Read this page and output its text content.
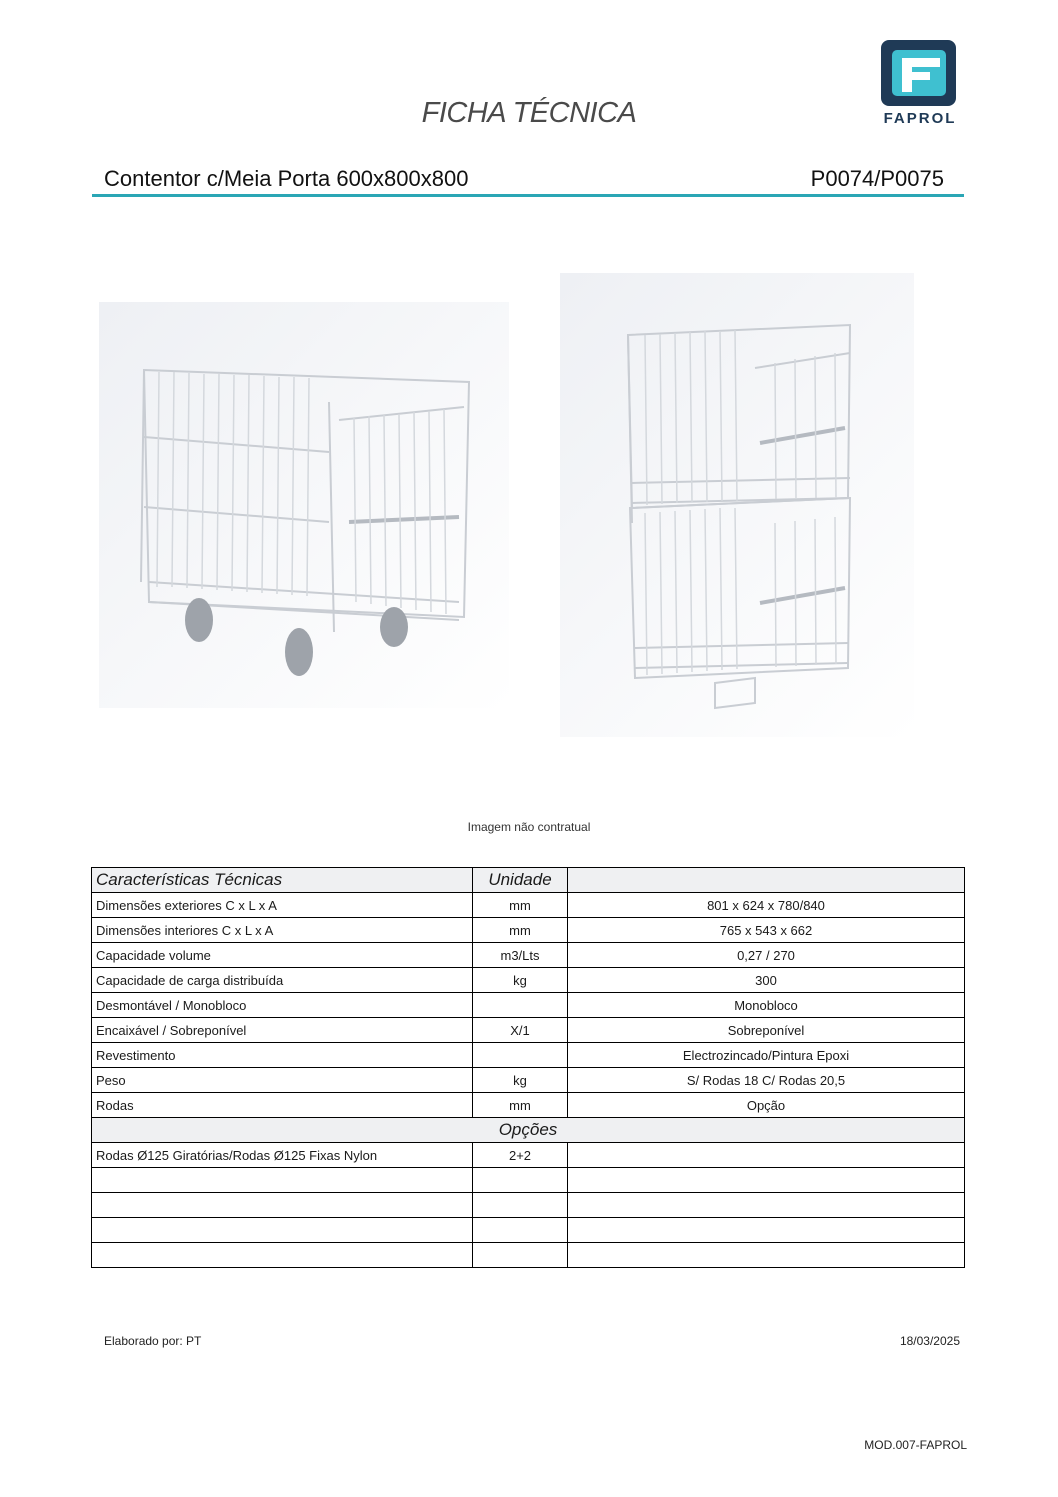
FICHA TÉCNICA	FAPROL
Contentor c/Meia Porta 600x800x800	P0074/P0075
Imagem não contratual
Características Técnicas	Unidade	
Dimensões exteriores C x L x A	mm	801 x 624 x 780/840
Dimensões interiores C x L x A	mm	765 x 543 x 662
Capacidade volume	m3/Lts	0,27 / 270
Capacidade de carga distribuída	kg	300
Desmontável / Monobloco		Monobloco
Encaixável / Sobreponível	X/1	Sobreponível
Revestimento		Electrozincado/Pintura Epoxi
Peso	kg	S/ Rodas 18 C/ Rodas 20,5
Rodas	mm	Opção
Opções		
Rodas Ø125 Giratórias/Rodas Ø125 Fixas Nylon	2+2	

Elaborado por: PT	18/03/2025
MOD.007-FAPROL
